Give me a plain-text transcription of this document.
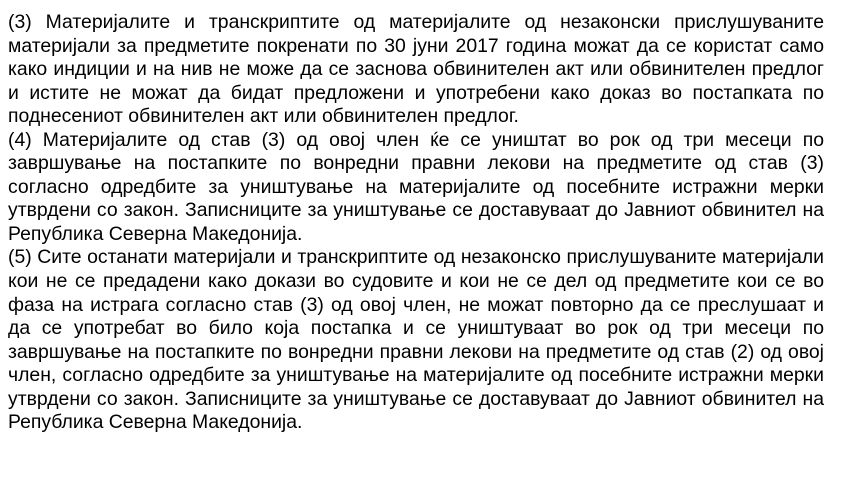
(3) Материјалите и транскриптите од материјалите од незаконски прислушуваните материјали за предметите покренати по 30 јуни 2017 година можат да се користат само како индиции и на нив не може да се заснова обвинителен акт или обвинителен предлог и истите не можат да бидат предложени и употребени како доказ во постапката по поднесениот обвинителен акт или обвинителен предлог.

(4) Материјалите од став (3) од овој член ќе се уништат во рок од три месеци по завршување на постапките по вонредни правни лекови на предметите од став (3) согласно одредбите за уништување на материјалите од посебните истражни мерки утврдени со закон. Записниците за уништување се доставуваат до Јавниот обвинител на Република Северна Македонија.

(5) Сите останати материјали и транскриптите од незаконско прислушуваните материјали кои не се предадени како докази во судовите и кои не се дел од предметите кои се во фаза на истрага согласно став (3) од овој член, не можат повторно да се преслушаат и да се употребат во било која постапка и се уништуваат во рок од три месеци по завршување на постапките по вонредни правни лекови на предметите од став (2) од овој член, согласно одредбите за уништување на материјалите од посебните истражни мерки утврдени со закон. Записниците за уништување се доставуваат до Јавниот обвинител на Република Северна Македонија.
